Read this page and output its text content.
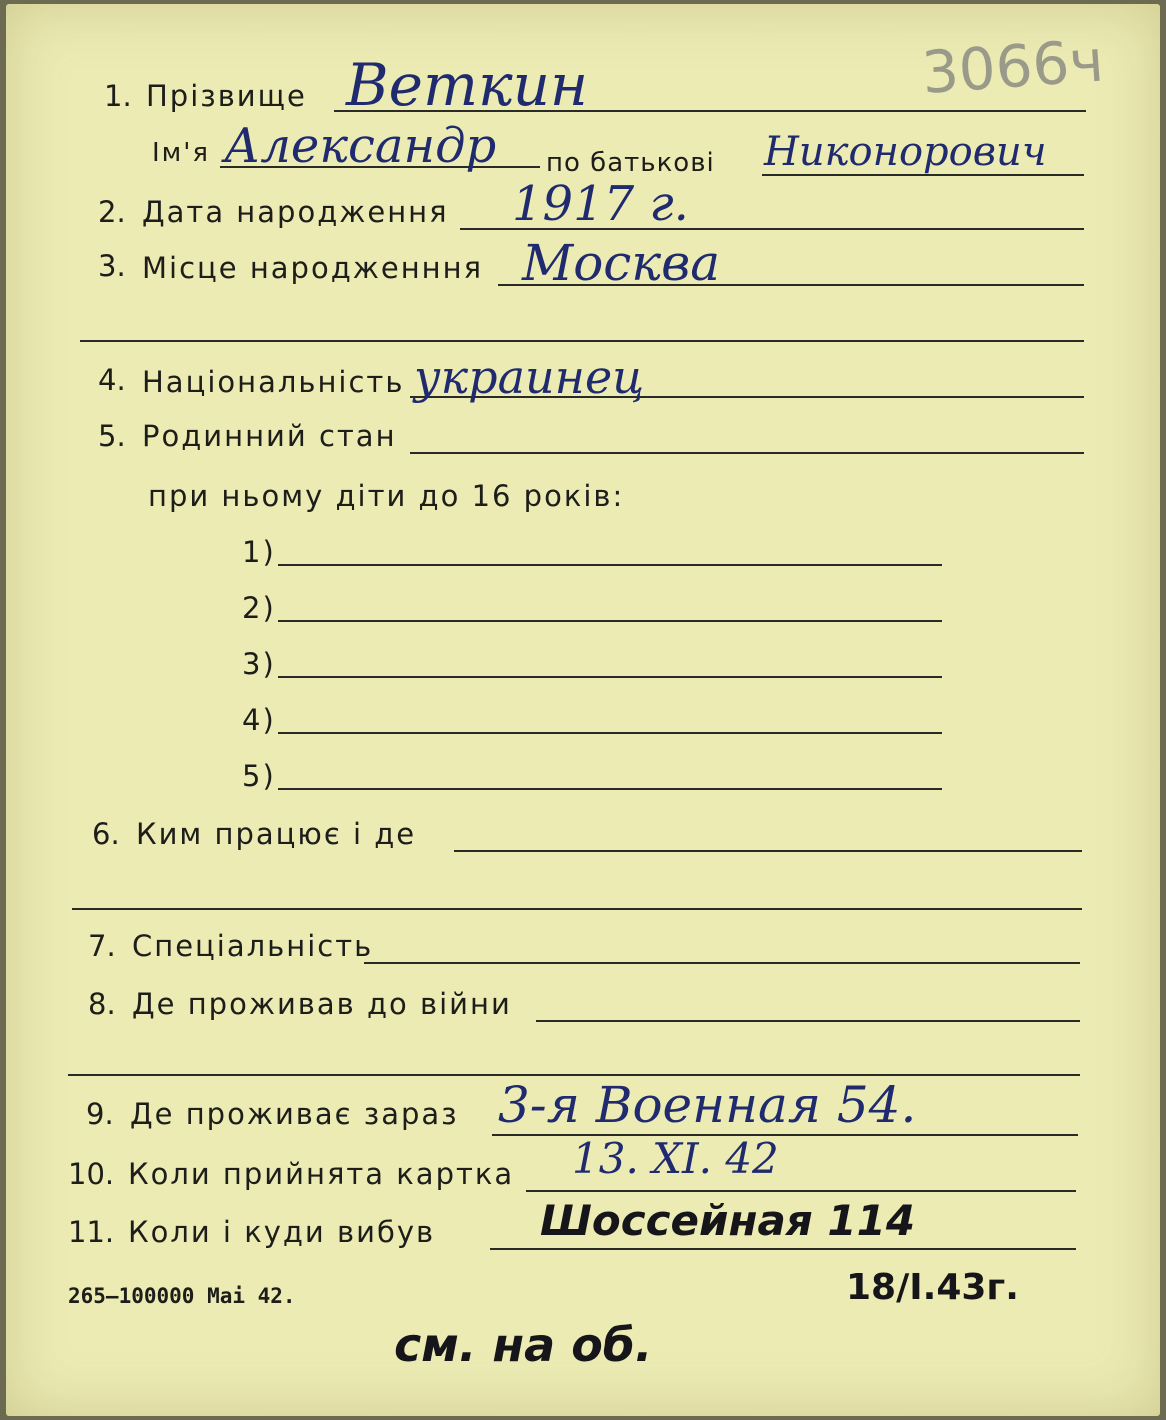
3066ч
1. Прізвище Веткин
Ім'я Александр по батькові Никонорович
2. Дата народження 1917 г.
3. Місце народженння Москва
4. Національність украинец
5. Родинний стан
при ньому діти до 16 років:
1)
2)
3)
4)
5)
6. Ким працює і де
7. Спеціальність
8. Де проживав до війни
9. Де проживає зараз 3-я Военная 54.
10. Коли прийнята картка 13. XI. 42
11. Коли і куди вибув Шоссейная 114
265—100000 Mai 42.	18/I.43г.
см. на об.
